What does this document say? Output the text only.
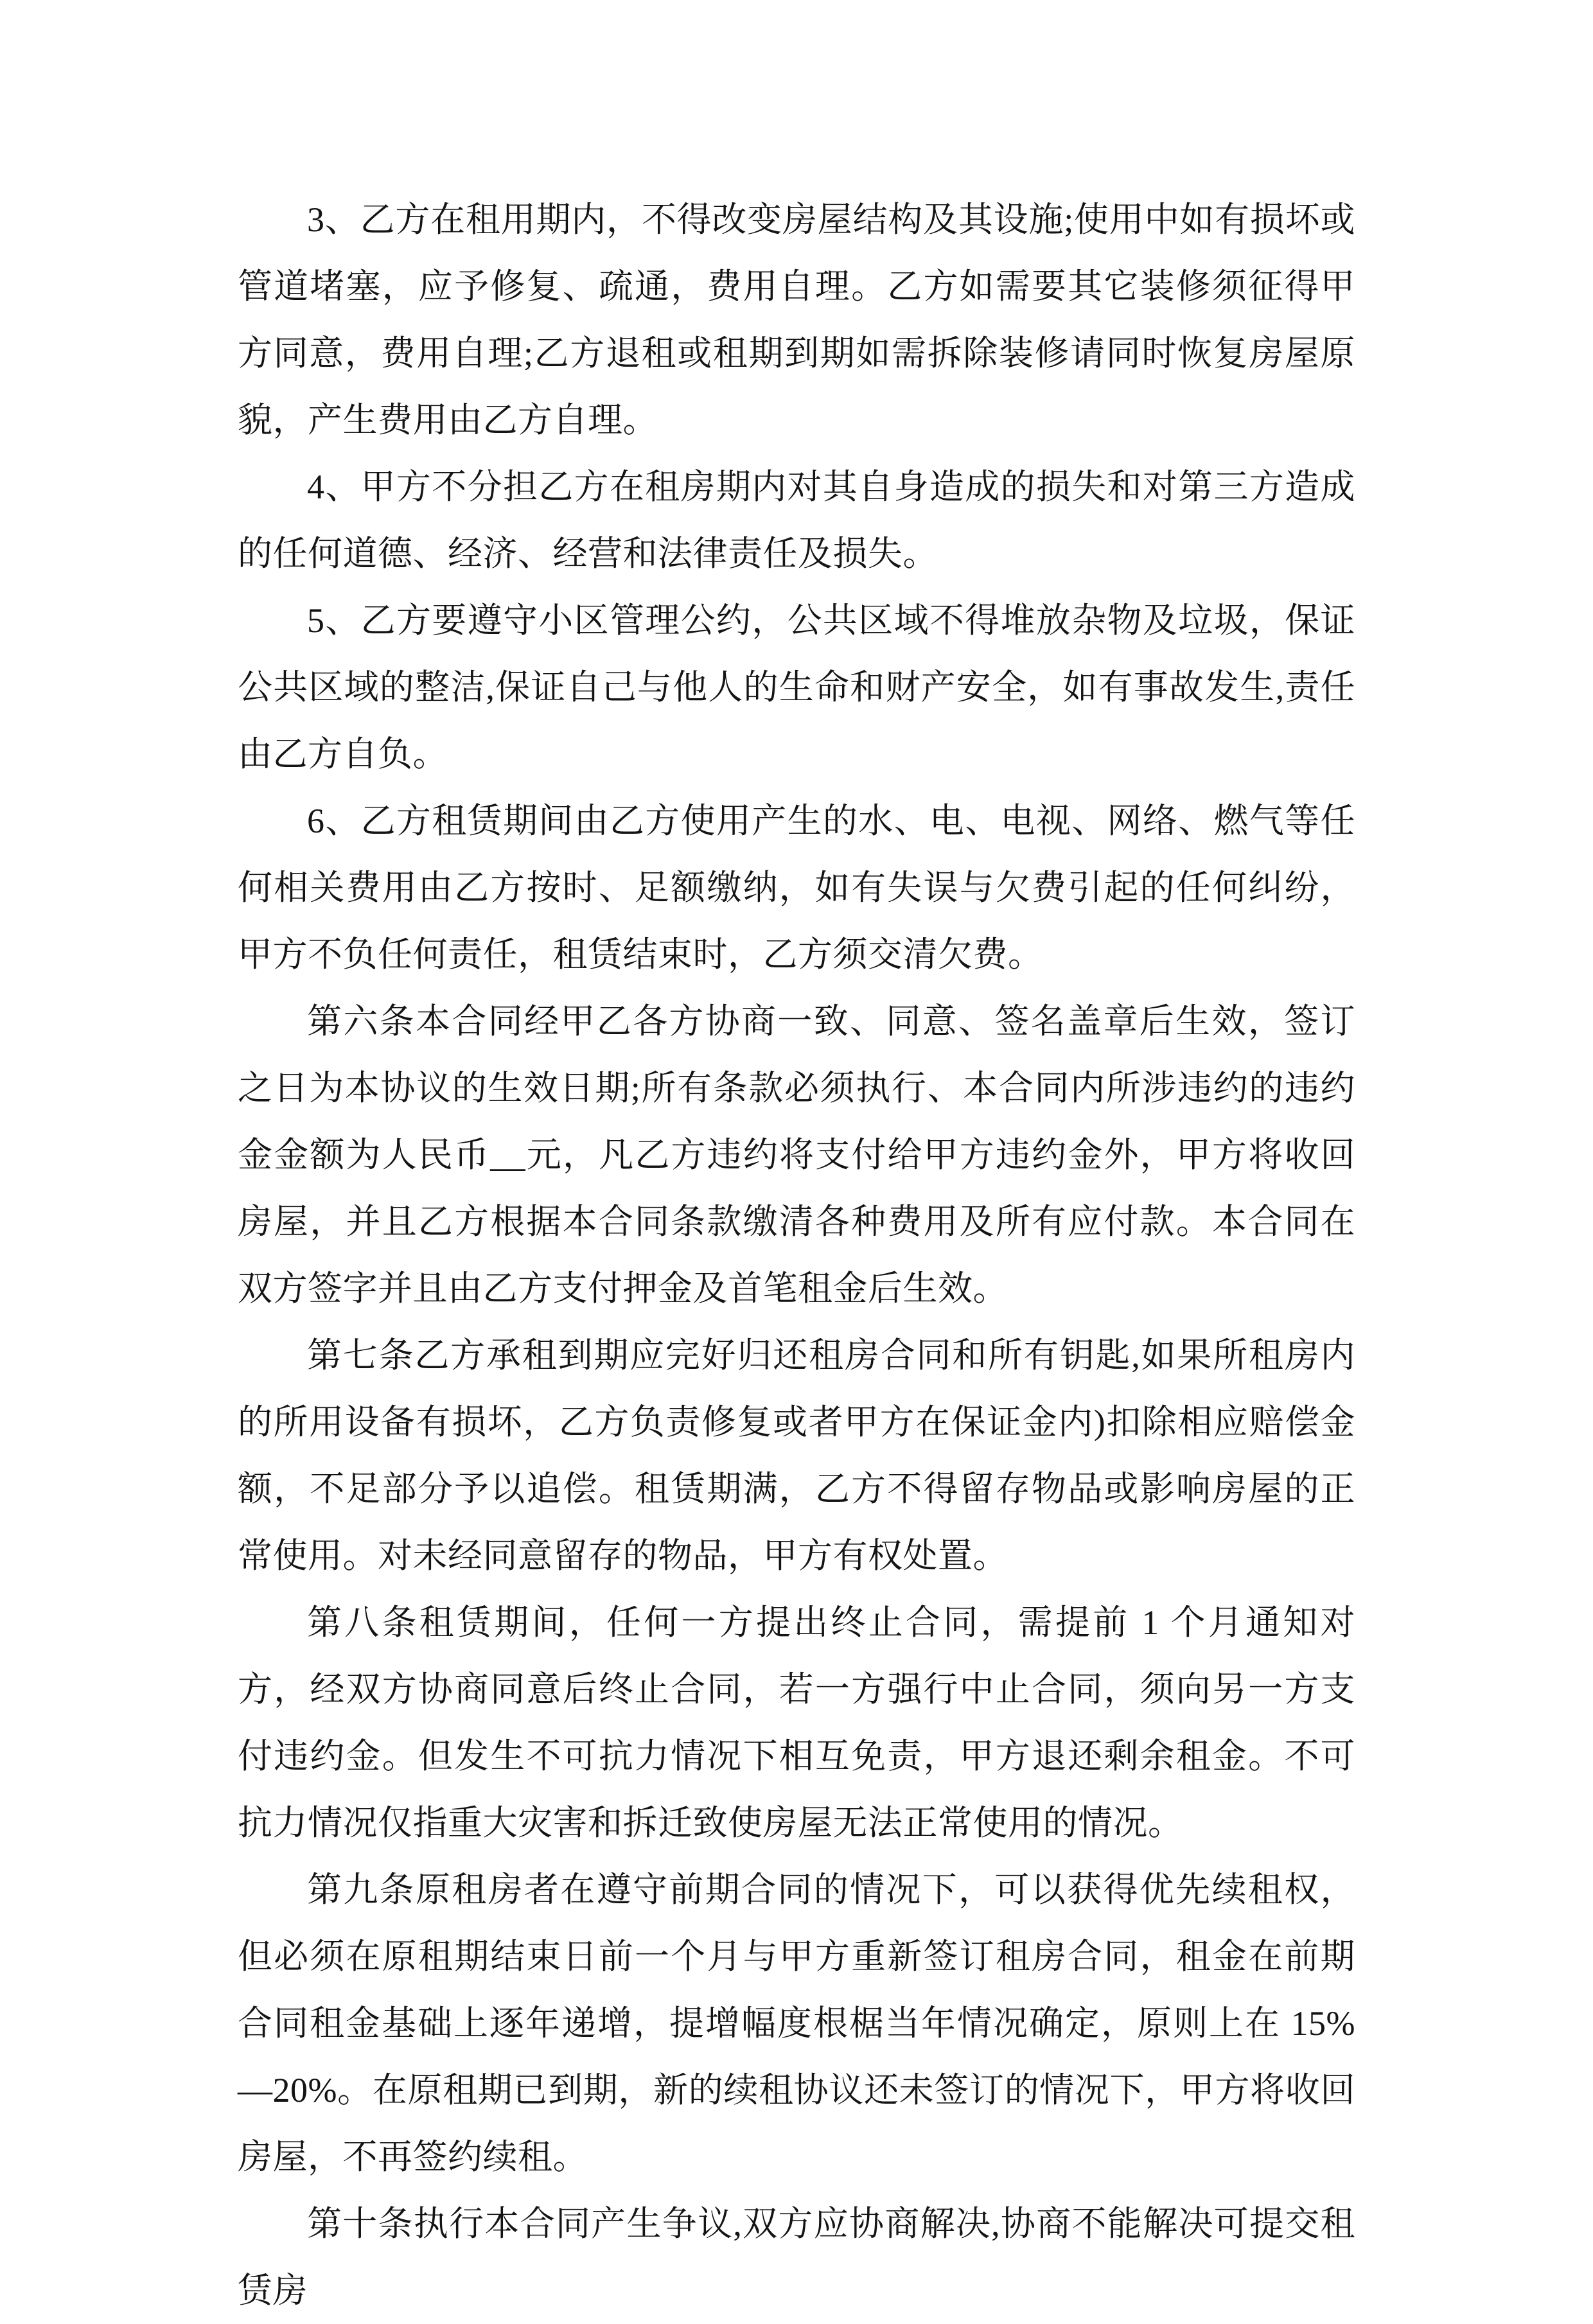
3、乙方在租用期内，不得改变房屋结构及其设施;使用中如有损坏或管道堵塞，应予修复、疏通，费用自理。乙方如需要其它装修须征得甲方同意，费用自理;乙方退租或租期到期如需拆除装修请同时恢复房屋原貌，产生费用由乙方自理。

4、甲方不分担乙方在租房期内对其自身造成的损失和对第三方造成的任何道德、经济、经营和法律责任及损失。

5、乙方要遵守小区管理公约，公共区域不得堆放杂物及垃圾，保证公共区域的整洁,保证自己与他人的生命和财产安全，如有事故发生,责任由乙方自负。

6、乙方租赁期间由乙方使用产生的水、电、电视、网络、燃气等任何相关费用由乙方按时、足额缴纳，如有失误与欠费引起的任何纠纷，甲方不负任何责任，租赁结束时，乙方须交清欠费。

第六条本合同经甲乙各方协商一致、同意、签名盖章后生效，签订之日为本协议的生效日期;所有条款必须执行、本合同内所涉违约的违约金金额为人民币__元，凡乙方违约将支付给甲方违约金外，甲方将收回房屋，并且乙方根据本合同条款缴清各种费用及所有应付款。本合同在双方签字并且由乙方支付押金及首笔租金后生效。

第七条乙方承租到期应完好归还租房合同和所有钥匙,如果所租房内的所用设备有损坏，乙方负责修复或者甲方在保证金内)扣除相应赔偿金额，不足部分予以追偿。租赁期满，乙方不得留存物品或影响房屋的正常使用。对未经同意留存的物品，甲方有权处置。

第八条租赁期间，任何一方提出终止合同，需提前 1 个月通知对方，经双方协商同意后终止合同，若一方强行中止合同，须向另一方支付违约金。但发生不可抗力情况下相互免责，甲方退还剩余租金。不可抗力情况仅指重大灾害和拆迁致使房屋无法正常使用的情况。

第九条原租房者在遵守前期合同的情况下，可以获得优先续租权，但必须在原租期结束日前一个月与甲方重新签订租房合同，租金在前期合同租金基础上逐年递增，提增幅度根椐当年情况确定，原则上在 15%—20%。在原租期已到期，新的续租协议还未签订的情况下，甲方将收回房屋，不再签约续租。

第十条执行本合同产生争议,双方应协商解决,协商不能解决可提交租赁房
